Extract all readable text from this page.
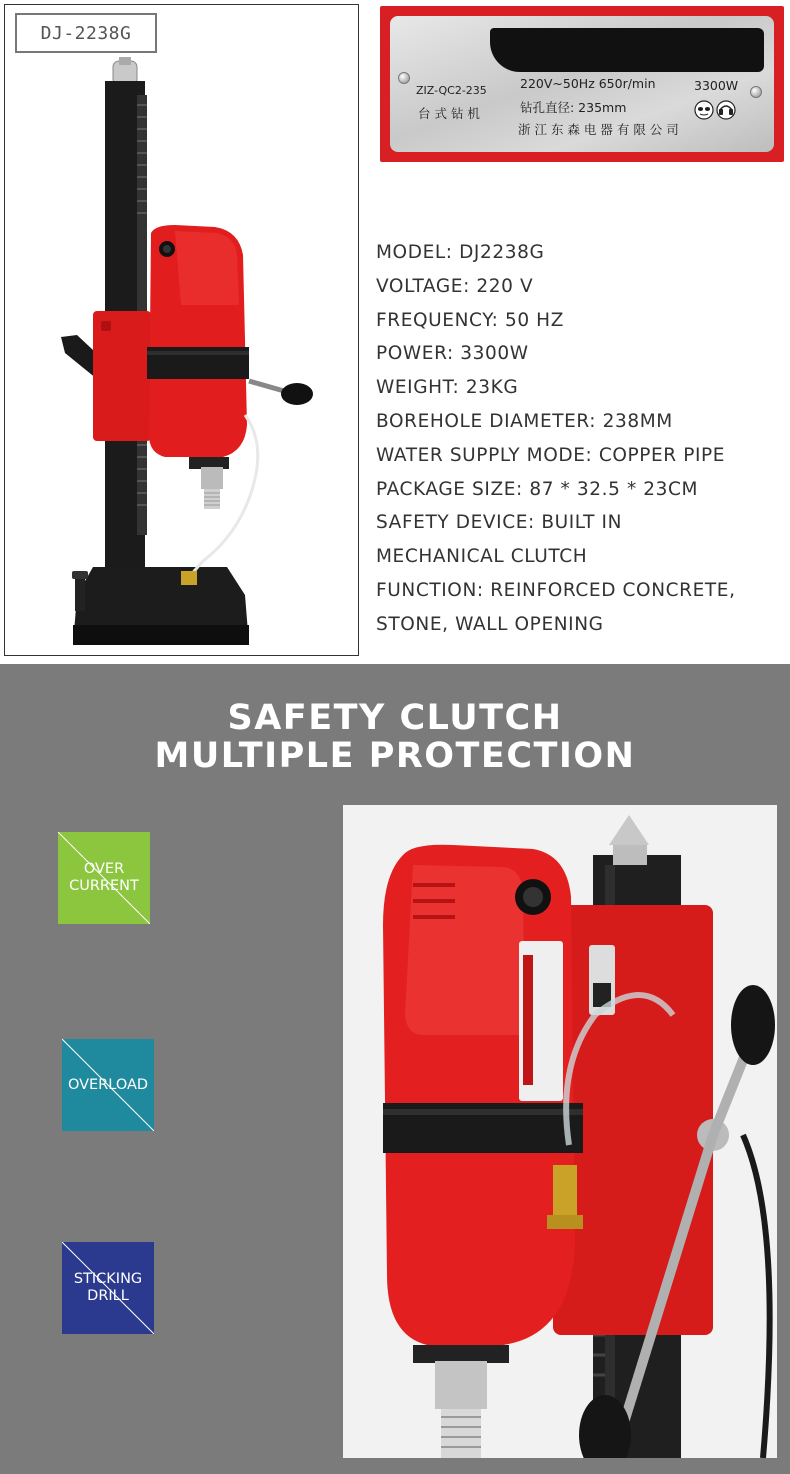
DJ-2238G
ZIZ-QC2-235	220V~50Hz 650r/min	3300W
台 式 钻 机	钻孔直径: 235mm
浙 江 东 森 电 器 有 限 公 司
MODEL: DJ2238G
VOLTAGE: 220 V
FREQUENCY: 50 HZ
POWER: 3300W
WEIGHT: 23KG
BOREHOLE DIAMETER: 238MM
WATER SUPPLY MODE: COPPER PIPE
PACKAGE SIZE: 87 * 32.5 * 23CM
SAFETY DEVICE: BUILT IN
MECHANICAL CLUTCH
FUNCTION: REINFORCED CONCRETE,
STONE, WALL OPENING
SAFETY CLUTCH
MULTIPLE PROTECTION
OVER
CURRENT
OVERLOAD
STICKING
DRILL
